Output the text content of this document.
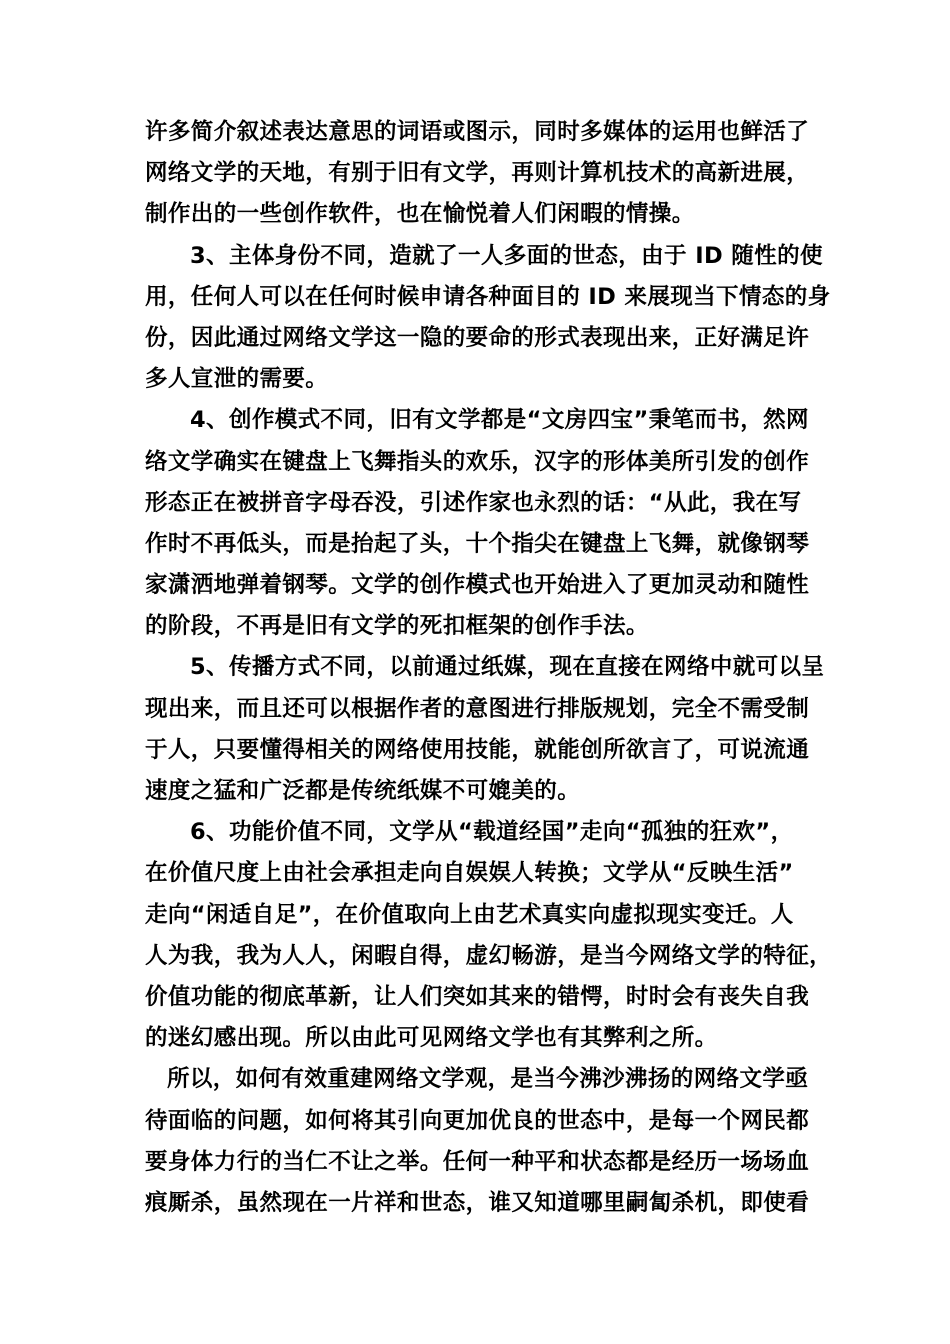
许多简介叙述表达意思的词语或图示，同时多媒体的运用也鲜活了
网络文学的天地，有别于旧有文学，再则计算机技术的高新进展，
制作出的一些创作软件，也在愉悦着人们闲暇的情操。
3、主体身份不同，造就了一人多面的世态，由于 ID 随性的使
用，任何人可以在任何时候申请各种面目的 ID 来展现当下情态的身
份，因此通过网络文学这一隐的要命的形式表现出来，正好满足许
多人宣泄的需要。
4、创作模式不同，旧有文学都是“文房四宝”秉笔而书，然网
络文学确实在键盘上飞舞指头的欢乐，汉字的形体美所引发的创作
形态正在被拼音字母吞没，引述作家也永烈的话：“从此，我在写
作时不再低头，而是抬起了头，十个指尖在键盘上飞舞，就像钢琴
家潇洒地弹着钢琴。文学的创作模式也开始进入了更加灵动和随性
的阶段，不再是旧有文学的死扣框架的创作手法。
5、传播方式不同，以前通过纸媒，现在直接在网络中就可以呈
现出来，而且还可以根据作者的意图进行排版规划，完全不需受制
于人，只要懂得相关的网络使用技能，就能创所欲言了，可说流通
速度之猛和广泛都是传统纸媒不可媲美的。
6、功能价值不同，文学从“载道经国”走向“孤独的狂欢”，
在价值尺度上由社会承担走向自娱娱人转换；文学从“反映生活”
走向“闲适自足”，在价值取向上由艺术真实向虚拟现实变迁。人
人为我，我为人人，闲暇自得，虚幻畅游，是当今网络文学的特征，
价值功能的彻底革新，让人们突如其来的错愕，时时会有丧失自我
的迷幻感出现。所以由此可见网络文学也有其弊利之所。
所以，如何有效重建网络文学观，是当今沸沙沸扬的网络文学亟
待面临的问题，如何将其引向更加优良的世态中，是每一个网民都
要身体力行的当仁不让之举。任何一种平和状态都是经历一场场血
痕厮杀，虽然现在一片祥和世态，谁又知道哪里嗣匐杀机，即使看
